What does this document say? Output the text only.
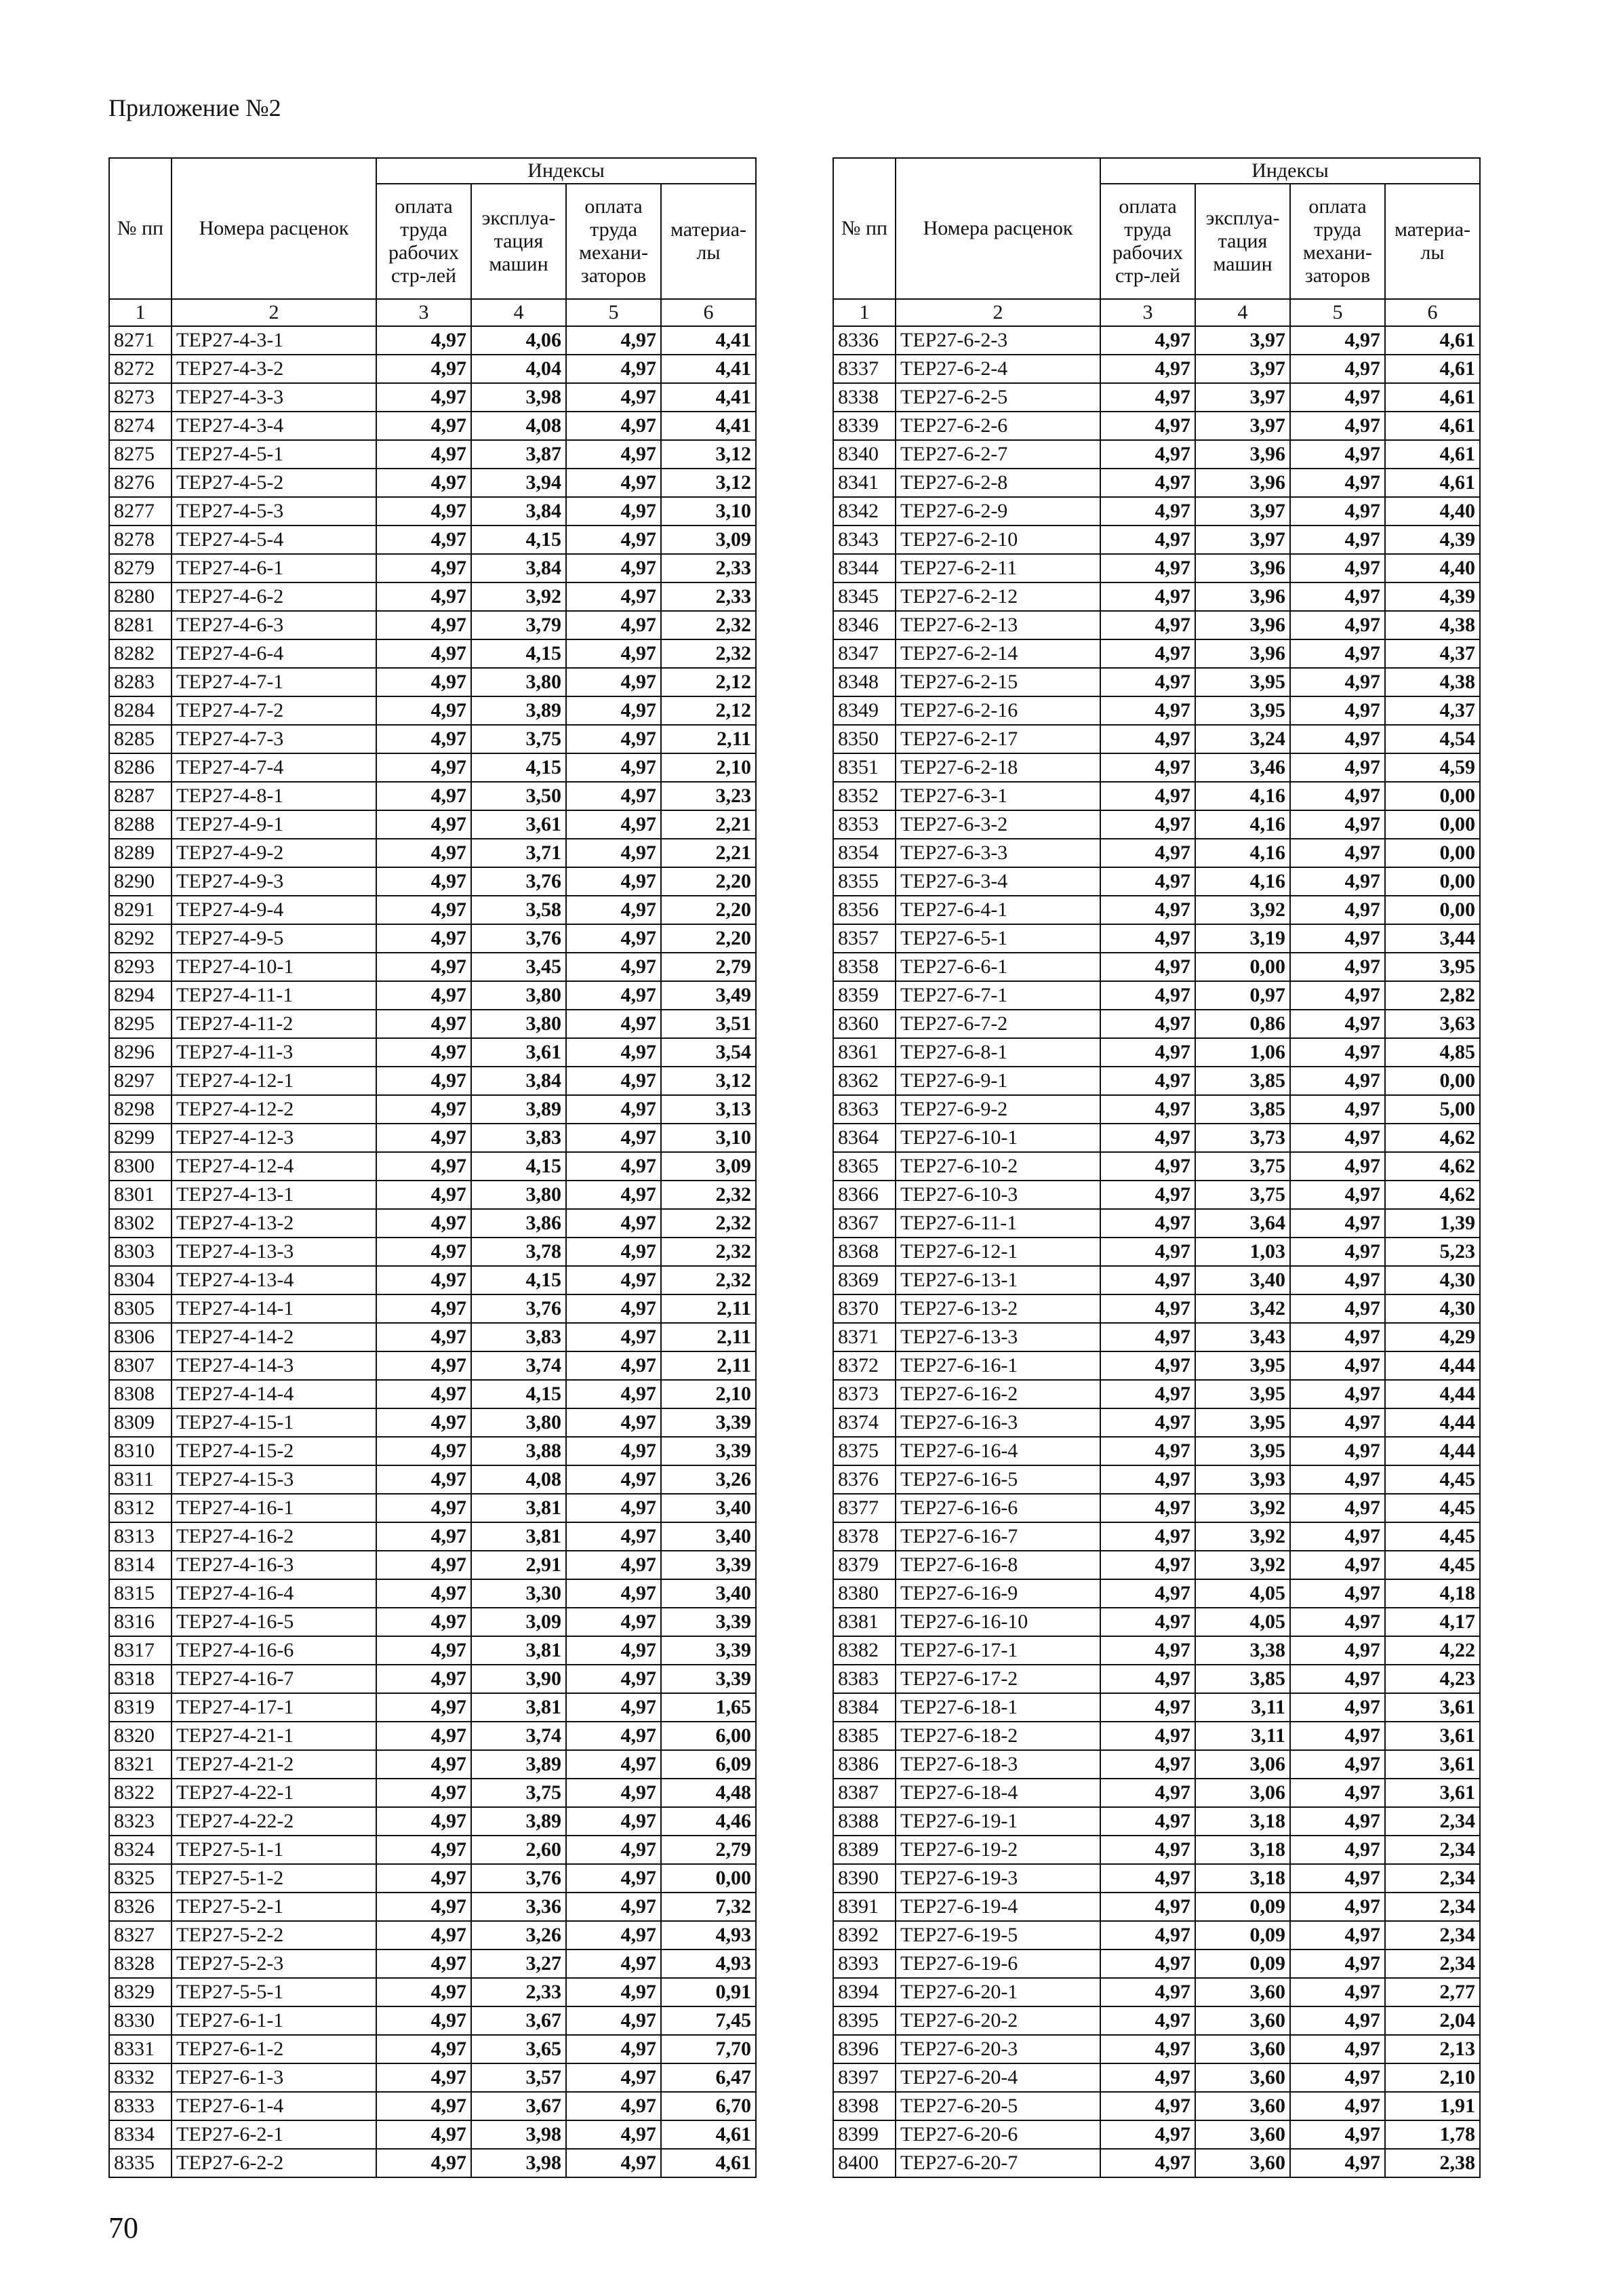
Приложение №2
№ пп	Номера расценок	Индексы			
		оплата труда рабочих стр-лей	эксплуа-тация машин	оплата труда механи-заторов	материа-лы
1	2	3	4	5	6
8271	ТЕР27-4-3-1	4,97	4,06	4,97	4,41
8272	ТЕР27-4-3-2	4,97	4,04	4,97	4,41
8273	ТЕР27-4-3-3	4,97	3,98	4,97	4,41
8274	ТЕР27-4-3-4	4,97	4,08	4,97	4,41
8275	ТЕР27-4-5-1	4,97	3,87	4,97	3,12
8276	ТЕР27-4-5-2	4,97	3,94	4,97	3,12
8277	ТЕР27-4-5-3	4,97	3,84	4,97	3,10
8278	ТЕР27-4-5-4	4,97	4,15	4,97	3,09
8279	ТЕР27-4-6-1	4,97	3,84	4,97	2,33
8280	ТЕР27-4-6-2	4,97	3,92	4,97	2,33
8281	ТЕР27-4-6-3	4,97	3,79	4,97	2,32
8282	ТЕР27-4-6-4	4,97	4,15	4,97	2,32
8283	ТЕР27-4-7-1	4,97	3,80	4,97	2,12
8284	ТЕР27-4-7-2	4,97	3,89	4,97	2,12
8285	ТЕР27-4-7-3	4,97	3,75	4,97	2,11
8286	ТЕР27-4-7-4	4,97	4,15	4,97	2,10
8287	ТЕР27-4-8-1	4,97	3,50	4,97	3,23
8288	ТЕР27-4-9-1	4,97	3,61	4,97	2,21
8289	ТЕР27-4-9-2	4,97	3,71	4,97	2,21
8290	ТЕР27-4-9-3	4,97	3,76	4,97	2,20
8291	ТЕР27-4-9-4	4,97	3,58	4,97	2,20
8292	ТЕР27-4-9-5	4,97	3,76	4,97	2,20
8293	ТЕР27-4-10-1	4,97	3,45	4,97	2,79
8294	ТЕР27-4-11-1	4,97	3,80	4,97	3,49
8295	ТЕР27-4-11-2	4,97	3,80	4,97	3,51
8296	ТЕР27-4-11-3	4,97	3,61	4,97	3,54
8297	ТЕР27-4-12-1	4,97	3,84	4,97	3,12
8298	ТЕР27-4-12-2	4,97	3,89	4,97	3,13
8299	ТЕР27-4-12-3	4,97	3,83	4,97	3,10
8300	ТЕР27-4-12-4	4,97	4,15	4,97	3,09
8301	ТЕР27-4-13-1	4,97	3,80	4,97	2,32
8302	ТЕР27-4-13-2	4,97	3,86	4,97	2,32
8303	ТЕР27-4-13-3	4,97	3,78	4,97	2,32
8304	ТЕР27-4-13-4	4,97	4,15	4,97	2,32
8305	ТЕР27-4-14-1	4,97	3,76	4,97	2,11
8306	ТЕР27-4-14-2	4,97	3,83	4,97	2,11
8307	ТЕР27-4-14-3	4,97	3,74	4,97	2,11
8308	ТЕР27-4-14-4	4,97	4,15	4,97	2,10
8309	ТЕР27-4-15-1	4,97	3,80	4,97	3,39
8310	ТЕР27-4-15-2	4,97	3,88	4,97	3,39
8311	ТЕР27-4-15-3	4,97	4,08	4,97	3,26
8312	ТЕР27-4-16-1	4,97	3,81	4,97	3,40
8313	ТЕР27-4-16-2	4,97	3,81	4,97	3,40
8314	ТЕР27-4-16-3	4,97	2,91	4,97	3,39
8315	ТЕР27-4-16-4	4,97	3,30	4,97	3,40
8316	ТЕР27-4-16-5	4,97	3,09	4,97	3,39
8317	ТЕР27-4-16-6	4,97	3,81	4,97	3,39
8318	ТЕР27-4-16-7	4,97	3,90	4,97	3,39
8319	ТЕР27-4-17-1	4,97	3,81	4,97	1,65
8320	ТЕР27-4-21-1	4,97	3,74	4,97	6,00
8321	ТЕР27-4-21-2	4,97	3,89	4,97	6,09
8322	ТЕР27-4-22-1	4,97	3,75	4,97	4,48
8323	ТЕР27-4-22-2	4,97	3,89	4,97	4,46
8324	ТЕР27-5-1-1	4,97	2,60	4,97	2,79
8325	ТЕР27-5-1-2	4,97	3,76	4,97	0,00
8326	ТЕР27-5-2-1	4,97	3,36	4,97	7,32
8327	ТЕР27-5-2-2	4,97	3,26	4,97	4,93
8328	ТЕР27-5-2-3	4,97	3,27	4,97	4,93
8329	ТЕР27-5-5-1	4,97	2,33	4,97	0,91
8330	ТЕР27-6-1-1	4,97	3,67	4,97	7,45
8331	ТЕР27-6-1-2	4,97	3,65	4,97	7,70
8332	ТЕР27-6-1-3	4,97	3,57	4,97	6,47
8333	ТЕР27-6-1-4	4,97	3,67	4,97	6,70
8334	ТЕР27-6-2-1	4,97	3,98	4,97	4,61
8335	ТЕР27-6-2-2	4,97	3,98	4,97	4,61
№ пп	Номера расценок	Индексы			
		оплата труда рабочих стр-лей	эксплуа-тация машин	оплата труда механи-заторов	материа-лы
1	2	3	4	5	6
8336	ТЕР27-6-2-3	4,97	3,97	4,97	4,61
8337	ТЕР27-6-2-4	4,97	3,97	4,97	4,61
8338	ТЕР27-6-2-5	4,97	3,97	4,97	4,61
8339	ТЕР27-6-2-6	4,97	3,97	4,97	4,61
8340	ТЕР27-6-2-7	4,97	3,96	4,97	4,61
8341	ТЕР27-6-2-8	4,97	3,96	4,97	4,61
8342	ТЕР27-6-2-9	4,97	3,97	4,97	4,40
8343	ТЕР27-6-2-10	4,97	3,97	4,97	4,39
8344	ТЕР27-6-2-11	4,97	3,96	4,97	4,40
8345	ТЕР27-6-2-12	4,97	3,96	4,97	4,39
8346	ТЕР27-6-2-13	4,97	3,96	4,97	4,38
8347	ТЕР27-6-2-14	4,97	3,96	4,97	4,37
8348	ТЕР27-6-2-15	4,97	3,95	4,97	4,38
8349	ТЕР27-6-2-16	4,97	3,95	4,97	4,37
8350	ТЕР27-6-2-17	4,97	3,24	4,97	4,54
8351	ТЕР27-6-2-18	4,97	3,46	4,97	4,59
8352	ТЕР27-6-3-1	4,97	4,16	4,97	0,00
8353	ТЕР27-6-3-2	4,97	4,16	4,97	0,00
8354	ТЕР27-6-3-3	4,97	4,16	4,97	0,00
8355	ТЕР27-6-3-4	4,97	4,16	4,97	0,00
8356	ТЕР27-6-4-1	4,97	3,92	4,97	0,00
8357	ТЕР27-6-5-1	4,97	3,19	4,97	3,44
8358	ТЕР27-6-6-1	4,97	0,00	4,97	3,95
8359	ТЕР27-6-7-1	4,97	0,97	4,97	2,82
8360	ТЕР27-6-7-2	4,97	0,86	4,97	3,63
8361	ТЕР27-6-8-1	4,97	1,06	4,97	4,85
8362	ТЕР27-6-9-1	4,97	3,85	4,97	0,00
8363	ТЕР27-6-9-2	4,97	3,85	4,97	5,00
8364	ТЕР27-6-10-1	4,97	3,73	4,97	4,62
8365	ТЕР27-6-10-2	4,97	3,75	4,97	4,62
8366	ТЕР27-6-10-3	4,97	3,75	4,97	4,62
8367	ТЕР27-6-11-1	4,97	3,64	4,97	1,39
8368	ТЕР27-6-12-1	4,97	1,03	4,97	5,23
8369	ТЕР27-6-13-1	4,97	3,40	4,97	4,30
8370	ТЕР27-6-13-2	4,97	3,42	4,97	4,30
8371	ТЕР27-6-13-3	4,97	3,43	4,97	4,29
8372	ТЕР27-6-16-1	4,97	3,95	4,97	4,44
8373	ТЕР27-6-16-2	4,97	3,95	4,97	4,44
8374	ТЕР27-6-16-3	4,97	3,95	4,97	4,44
8375	ТЕР27-6-16-4	4,97	3,95	4,97	4,44
8376	ТЕР27-6-16-5	4,97	3,93	4,97	4,45
8377	ТЕР27-6-16-6	4,97	3,92	4,97	4,45
8378	ТЕР27-6-16-7	4,97	3,92	4,97	4,45
8379	ТЕР27-6-16-8	4,97	3,92	4,97	4,45
8380	ТЕР27-6-16-9	4,97	4,05	4,97	4,18
8381	ТЕР27-6-16-10	4,97	4,05	4,97	4,17
8382	ТЕР27-6-17-1	4,97	3,38	4,97	4,22
8383	ТЕР27-6-17-2	4,97	3,85	4,97	4,23
8384	ТЕР27-6-18-1	4,97	3,11	4,97	3,61
8385	ТЕР27-6-18-2	4,97	3,11	4,97	3,61
8386	ТЕР27-6-18-3	4,97	3,06	4,97	3,61
8387	ТЕР27-6-18-4	4,97	3,06	4,97	3,61
8388	ТЕР27-6-19-1	4,97	3,18	4,97	2,34
8389	ТЕР27-6-19-2	4,97	3,18	4,97	2,34
8390	ТЕР27-6-19-3	4,97	3,18	4,97	2,34
8391	ТЕР27-6-19-4	4,97	0,09	4,97	2,34
8392	ТЕР27-6-19-5	4,97	0,09	4,97	2,34
8393	ТЕР27-6-19-6	4,97	0,09	4,97	2,34
8394	ТЕР27-6-20-1	4,97	3,60	4,97	2,77
8395	ТЕР27-6-20-2	4,97	3,60	4,97	2,04
8396	ТЕР27-6-20-3	4,97	3,60	4,97	2,13
8397	ТЕР27-6-20-4	4,97	3,60	4,97	2,10
8398	ТЕР27-6-20-5	4,97	3,60	4,97	1,91
8399	ТЕР27-6-20-6	4,97	3,60	4,97	1,78
8400	ТЕР27-6-20-7	4,97	3,60	4,97	2,38
70
